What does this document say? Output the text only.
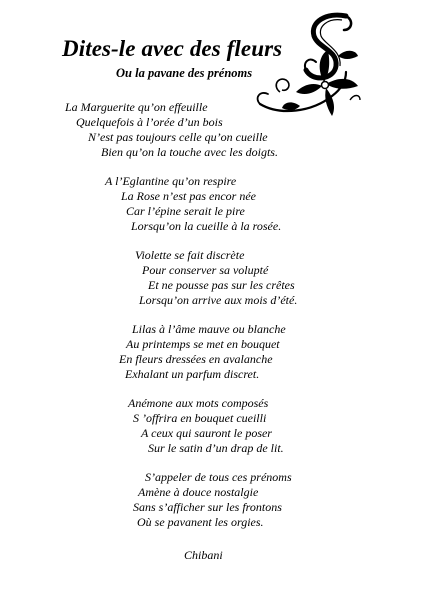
Dites-le avec des fleurs
Ou la pavane des prénoms
La Marguerite qu’on effeuille
Quelquefois à l’orée d’un bois
N’est pas toujours celle qu’on cueille
Bien qu’on la touche avec les doigts.
A l’Eglantine qu’on respire
La Rose n’est pas encor née
Car l’épine serait le pire
Lorsqu’on la cueille à la rosée.
Violette se fait discrète
Pour conserver sa volupté
Et ne pousse pas sur les crêtes
Lorsqu’on arrive aux mois d’été.
Lilas à l’âme mauve ou blanche
Au printemps se met en bouquet
En fleurs dressées en avalanche
Exhalant un parfum discret.
Anémone aux mots composés
S ’offrira en bouquet cueilli
A ceux qui sauront le poser
Sur le satin d’un drap de lit.
S’appeler de tous ces prénoms
Amène à douce nostalgie
Sans s’afficher sur les frontons
Où se pavanent les orgies.
Chibani
